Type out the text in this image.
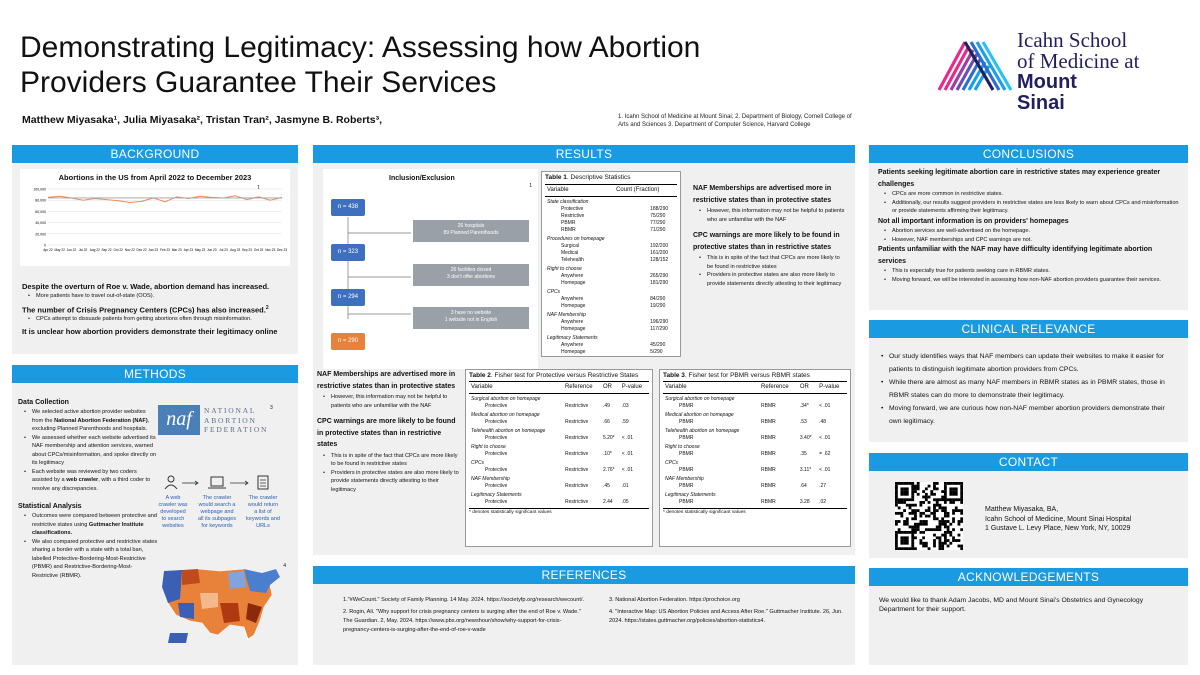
Demonstrating Legitimacy: Assessing how Abortion Providers Guarantee Their Services
Matthew Miyasaka¹, Julia Miyasaka², Tristan Tran², Jasmyne B. Roberts³,	1. Icahn School of Medicine at Mount Sinai; 2. Department of Biology, Cornell College of Arts and Sciences 3. Department of Computer Science, Harvard College
Icahn School
of Medicine at
Mount
Sinai
BACKGROUND
Abortions in the US from April 2022 to December 2023
1
0
20,000
40,000
60,000
80,000
100,000
Apr 22 May 22 Jun 22 Jul 22 Aug 22 Sep 22 Oct 22 Nov 22 Dec 22 Jan 23 Feb 23 Mar 23 Apr 23 May 23 Jun 23 Jul 23 Aug 23 Sep 23 Oct 23 Nov 23 Dec 23
Despite the overturn of Roe v. Wade, abortion demand has increased.
• More patients have to travel out-of-state (OOS).
The number of Crisis Pregnancy Centers (CPCs) has also increased.$^2$
• CPCs attempt to dissuade patients from getting abortions often through misinformation.
It is unclear how abortion providers demonstrate their legitimacy online
METHODS
Data Collection
• We selected active abortion provider websites from the National Abortion Federation (NAF), excluding Planned Parenthoods and hospitals.
• We assessed whether each website advertised its NAF membership and attention services, warned about CPCs/misinformation, and spoke directly on its legitimacy
• Each website was reviewed by two coders assisted by a web crawler, with a third coder to resolve any discrepancies.
Statistical Analysis
• Outcomes were compared between protective and restrictive states using Guttmacher Institute classifications.
• We also compared protective and restrictive states sharing a border with a state with a total ban, labelled Protective-Bordering-Most-Restrictive (PBMR) and Restrictive-Bordering-Most-Restrictive (RBMR).
naf	NATIONAL
ABORTION
FEDERATION
3
A web crawler was developed to search websites
The crawler would search a webpage and all its subpages for keywords
The crawler would return a list of keywords and URLs
4
RESULTS
Inclusion/Exclusion
1
n = 438
n = 323
n = 294
n = 290
26 hospitals
89 Planned Parenthoods
26 facilities closed
3 don't offer abortions
3 have no website
1 website not in English
Table 1. Descriptive Statistics
Variable	Count (Fraction)
State classification	
Protective	188/290
Restrictive	75/290
PBMR	77/290
RBMR	71/290
Procedures on homepage	
Surgical	192/200
Medical	161/200
Telehealth	128/152
Right to choose	
Anywhere	265/290
Homepage	181/290
CPCs	
Anywhere	84/290
Homepage	19/290
NAF Membership	
Anywhere	196/290
Homepage	117/290
Legitimacy Statements	
Anywhere	45/290
Homepage	5/290
NAF Memberships are advertised more in restrictive states than in protective states
• However, this information may not be helpful to patients who are unfamiliar with the NAF
CPC warnings are more likely to be found in protective states than in restrictive states
• This is in spite of the fact that CPCs are more likely to be found in restrictive states
• Providers in protective states are also more likely to provide statements directly attesting to their legitimacy
NAF Memberships are advertised more in restrictive states than in protective states
• However, this information may not be helpful to patients who are unfamiliar with the NAF
CPC warnings are more likely to be found in protective states than in restrictive states
• This is in spite of the fact that CPCs are more likely to be found in restrictive states
• Providers in protective states are also more likely to provide statements directly attesting to their legitimacy
Table 2. Fisher test for Protective versus Restrictive States
Variable	Reference	OR	P-value
Surgical abortion on homepage			
Protective	Restrictive	.49	.03
Medical abortion on homepage			
Protective	Restrictive	.66	.59
Telehealth abortion on homepage			
Protective	Restrictive	5.20*	< .01
Right to choose			
Protective	Restrictive	.10*	< .01
CPCs			
Protective	Restrictive	2.76*	< .01
NAF Membership			
Protective	Restrictive	.45	.01
Legitimacy Statements			
Protective	Restrictive	2.44	.05
* denotes statistically significant values
Table 3. Fisher test for PBMR versus RBMR states
Variable	Reference	OR	P-value
Surgical abortion on homepage			
PBMR	RBMR	.34*	< .01
Medical abortion on homepage			
PBMR	RBMR	.53	.48
Telehealth abortion on homepage			
PBMR	RBMR	3.40*	< .01
Right to choose			
PBMR	RBMR	.35	= .62
CPCs			
PBMR	RBMR	3.11*	< .01
NAF Membership			
PBMR	RBMR	.64	.27
Legitimacy Statements			
PBMR	RBMR	3.28	.02
* denotes statistically significant values
REFERENCES
1."#WeCount." Society of Family Planning. 14 May. 2024. https://societyfp.org/research/wecount/.
2. Rogin, Ali. "Why support for crisis pregnancy centers is surging after the end of Roe v. Wade." The Guardian. 2, May. 2024. https://www.pbs.org/newshour/show/why-support-for-crisis-pregnancy-centers-is-surging-after-the-end-of-roe-v-wade
3. National Abortion Federation. https://prochoice.org
4. "Interactive Map: US Abortion Policies and Access After Roe." Guttmacher Institute. 26, Jun. 2024. https://states.guttmacher.org/policies/abortion-statistics4.
CONCLUSIONS
Patients seeking legitimate abortion care in restrictive states may experience greater challenges
• CPCs are more common in restrictive states.
• Additionally, our results suggest providers in restrictive states are less likely to warn about CPCs and misinformation or provide statements affirming their legitimacy.
Not all important information is on providers' homepages
• Abortion services are well-advertised on the homepage.
• However, NAF memberships and CPC warnings are not.
Patients unfamiliar with the NAF may have difficulty identifying legitimate abortion services
• This is especially true for patients seeking care in RBMR states.
• Moving forward, we will be interested in assessing how non-NAF abortion providers guarantee their services.
CLINICAL RELEVANCE
• Our study identifies ways that NAF members can update their websites to make it easier for patients to distinguish legitimate abortion providers from CPCs.
• While there are almost as many NAF members in RBMR states as in PBMR states, those in RBMR states can do more to demonstrate their legitimacy.
• Moving forward, we are curious how non-NAF member abortion providers demonstrate their own legitimacy.
CONTACT
Matthew Miyasaka, BA,
Icahn School of Medicine, Mount Sinai Hospital
1 Gustave L. Levy Place, New York, NY, 10029
ACKNOWLEDGEMENTS
We would like to thank Adam Jacobs, MD and Mount Sinai's Obstetrics and Gynecology Department for their support.
